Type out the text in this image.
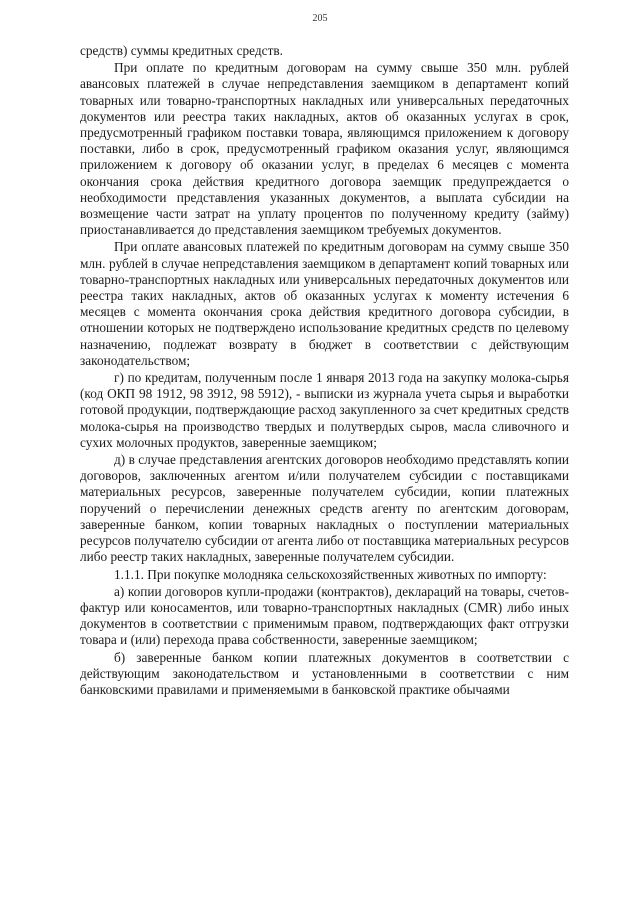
205

средств) суммы кредитных средств.

При оплате по кредитным договорам на сумму свыше 350 млн. рублей авансовых платежей в случае непредставления заемщиком в департамент копий товарных или товарно-транспортных накладных или универсальных передаточных документов или реестра таких накладных, актов об оказанных услугах в срок, предусмотренный графиком поставки товара, являющимся приложением к договору поставки, либо в срок, предусмотренный графиком оказания услуг, являющимся приложением к договору об оказании услуг, в пределах 6 месяцев с момента окончания срока действия кредитного договора заемщик предупреждается о необходимости представления указанных документов, а выплата субсидии на возмещение части затрат на уплату процентов по полученному кредиту (займу) приостанавливается до представления заемщиком требуемых документов.

При оплате авансовых платежей по кредитным договорам на сумму свыше 350 млн. рублей в случае непредставления заемщиком в департамент копий товарных или товарно-транспортных накладных или универсальных передаточных документов или реестра таких накладных, актов об оказанных услугах к моменту истечения 6 месяцев с момента окончания срока действия кредитного договора субсидии, в отношении которых не подтверждено использование кредитных средств по целевому назначению, подлежат возврату в бюджет в соответствии с действующим законодательством;

г) по кредитам, полученным после 1 января 2013 года на закупку молока-сырья (код ОКП 98 1912, 98 3912, 98 5912), - выписки из журнала учета сырья и выработки готовой продукции, подтверждающие расход закупленного за счет кредитных средств молока-сырья на производство твердых и полутвердых сыров, масла сливочного и сухих молочных продуктов, заверенные заемщиком;

д) в случае представления агентских договоров необходимо представлять копии договоров, заключенных агентом и/или получателем субсидии с поставщиками материальных ресурсов, заверенные получателем субсидии, копии платежных поручений о перечислении денежных средств агенту по агентским договорам, заверенные банком, копии товарных накладных о поступлении материальных ресурсов получателю субсидии от агента либо от поставщика материальных ресурсов либо реестр таких накладных, заверенные получателем субсидии.

1.1.1. При покупке молодняка сельскохозяйственных животных по импорту:

а) копии договоров купли-продажи (контрактов), деклараций на товары, счетов-фактур или коносаментов, или товарно-транспортных накладных (CMR) либо иных документов в соответствии с применимым правом, подтверждающих факт отгрузки товара и (или) перехода права собственности, заверенные заемщиком;

б) заверенные банком копии платежных документов в соответствии с действующим законодательством и установленными в соответствии с ним банковскими правилами и применяемыми в банковской практике обычаями
